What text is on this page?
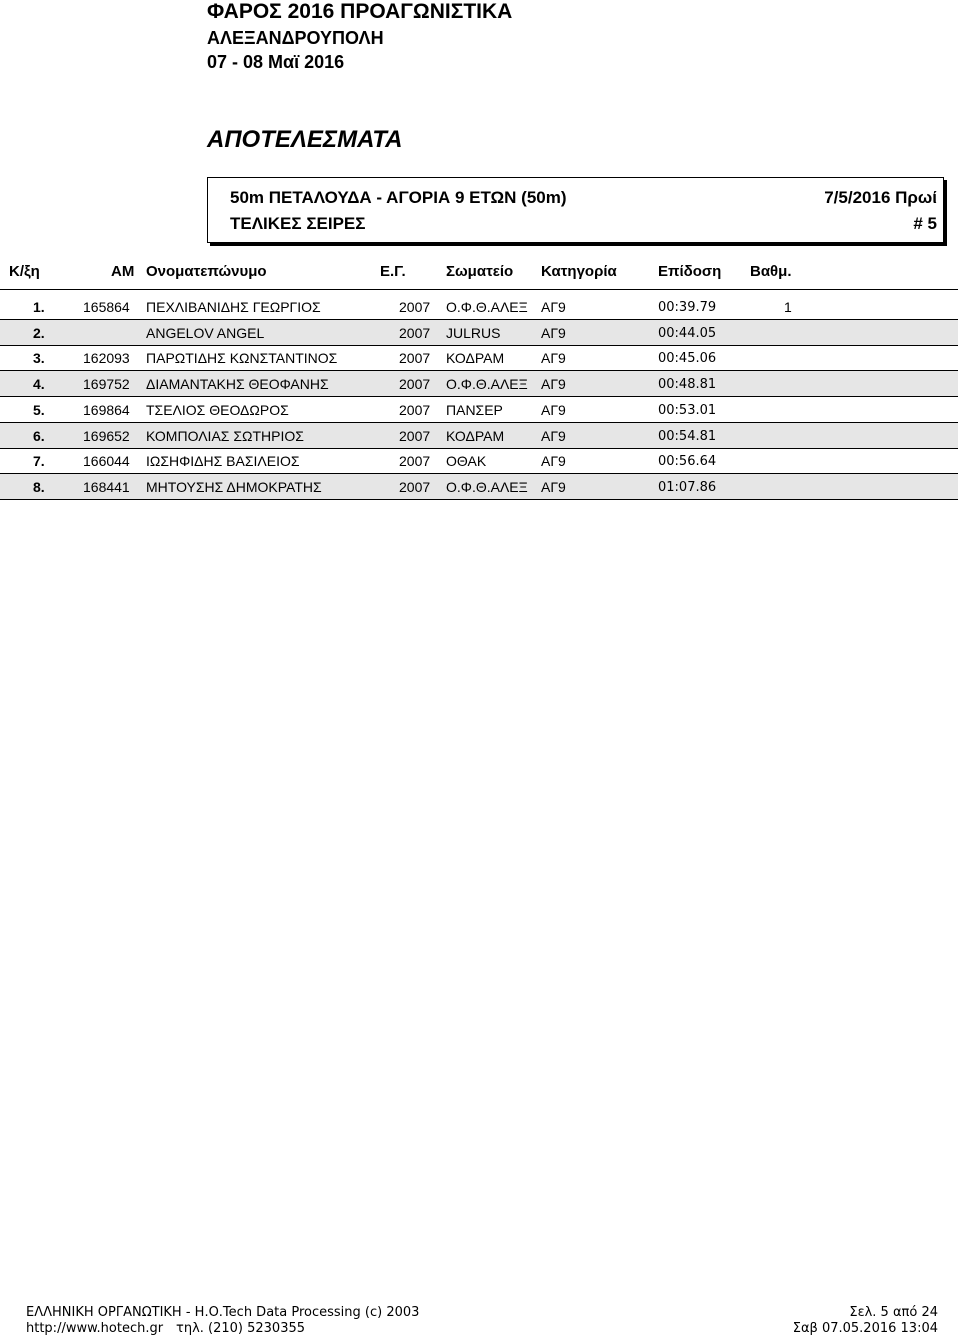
ΦΑΡΟΣ 2016 ΠΡΟΑΓΩΝΙΣΤΙΚΑ
ΑΛΕΞΑΝΔΡΟΥΠΟΛΗ
07 - 08 Μαϊ 2016
ΑΠΟΤΕΛΕΣΜΑΤΑ
50m ΠΕΤΑΛΟΥΔΑ - ΑΓΟΡΙΑ 9 ΕΤΩΝ (50m)	7/5/2016 Πρωί
ΤΕΛΙΚΕΣ ΣΕΙΡΕΣ	# 5
Κ/ξη	ΑΜ Ονοματεπώνυμο	Ε.Γ.	Σωματείο Κατηγορία	Επίδοση Βαθμ.
1.	165864 ΠΕΧΛΙΒΑΝΙΔΗΣ ΓΕΩΡΓΙΟΣ	2007 Ο.Φ.Θ.ΑΛΕΞ ΑΓ9	00:39.79	1
2.	ANGELOV ANGEL	2007 JULRUS	ΑΓ9	00:44.05
3.	162093 ΠΑΡΩΤΙΔΗΣ ΚΩΝΣΤΑΝΤΙΝΟΣ	2007 ΚΟΔΡΑΜ	ΑΓ9	00:45.06
4.	169752 ΔΙΑΜΑΝΤΑΚΗΣ ΘΕΟΦΑΝΗΣ	2007 Ο.Φ.Θ.ΑΛΕΞ ΑΓ9	00:48.81
5.	169864 ΤΣΕΛΙΟΣ ΘΕΟΔΩΡΟΣ	2007 ΠΑΝΣΕΡ	ΑΓ9	00:53.01
6.	169652 ΚΟΜΠΟΛΙΑΣ ΣΩΤΗΡΙΟΣ	2007 ΚΟΔΡΑΜ	ΑΓ9	00:54.81
7.	166044 ΙΩΣΗΦΙΔΗΣ ΒΑΣΙΛΕΙΟΣ	2007 ΟΘΑΚ	ΑΓ9	00:56.64
8.	168441 ΜΗΤΟΥΣΗΣ ΔΗΜΟΚΡΑΤΗΣ	2007 Ο.Φ.Θ.ΑΛΕΞ ΑΓ9	01:07.86
ΕΛΛΗΝΙΚΗ ΟΡΓΑΝΩΤΙΚΗ - Η.Ο.Tech Data Processing (c) 2003
http://www.hotech.gr τηλ. (210) 5230355
Σελ. 5 από 24
Σαβ 07.05.2016 13:04
